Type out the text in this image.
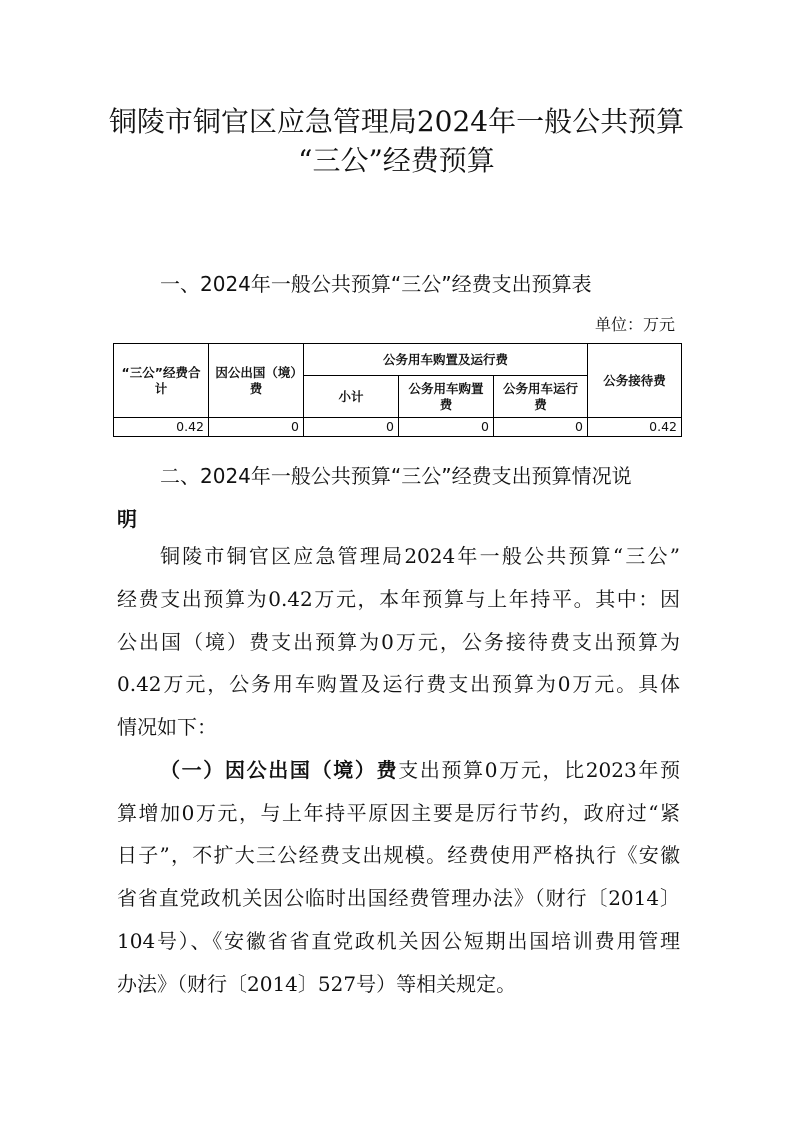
铜陵市铜官区应急管理局2024年一般公共预算
“三公”经费预算
一、2024年一般公共预算“三公”经费支出预算表
单位：万元
“三公”经费合计	因公出国（境）费	公务用车购置及运行费			公务接待费
		小计	公务用车购置费	公务用车运行费	
0.42	0	0	0	0	0.42
二、2024年一般公共预算“三公”经费支出预算情况说
明
铜陵市铜官区应急管理局2024年一般公共预算“三公”
经费支出预算为0.42万元，本年预算与上年持平。其中：因
公出国（境）费支出预算为0万元，公务接待费支出预算为
0.42万元，公务用车购置及运行费支出预算为0万元。具体
情况如下：
（一）因公出国（境）费支出预算0万元，比2023年预
算增加0万元，与上年持平原因主要是厉行节约，政府过“紧
日子”，不扩大三公经费支出规模。经费使用严格执行《安徽
省省直党政机关因公临时出国经费管理办法》（财行〔2014〕
104号）、《安徽省省直党政机关因公短期出国培训费用管理
办法》（财行〔2014〕527号）等相关规定。
